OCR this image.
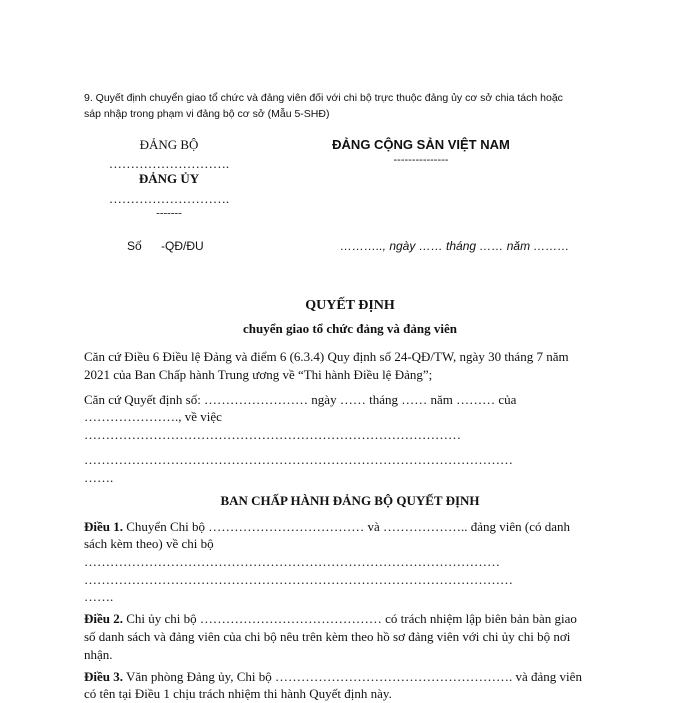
9. Quyết định chuyển giao tổ chức và đảng viên đối với chi bộ trực thuộc đảng ủy cơ sở chia tách hoặc
sáp nhập trong phạm vi đảng bộ cơ sở (Mẫu 5-SHĐ)
ĐẢNG BỘ
……………………….
ĐẢNG ỦY
……………………….
-------
Số -QĐ/ĐU
ĐẢNG CỘNG SẢN VIỆT NAM
---------------
……….., ngày …… tháng …… năm ………
QUYẾT ĐỊNH
chuyển giao tổ chức đảng và đảng viên
Căn cứ Điều 6 Điều lệ Đảng và điểm 6 (6.3.4) Quy định số 24-QĐ/TW, ngày 30 tháng 7 năm
2021 của Ban Chấp hành Trung ương về “Thi hành Điều lệ Đảng”;
Căn cứ Quyết định số: …………………… ngày …… tháng …… năm ……… của
…………………., về việc
……………………………………………………………………………
………………………………………………………………………………………
…….
BAN CHẤP HÀNH ĐẢNG BỘ QUYẾT ĐỊNH
Điều 1. Chuyển Chi bộ ……………………………… và ……………….. đảng viên (có danh
sách kèm theo) về chi bộ
……………………………………………………………………………………
………………………………………………………………………………………
…….
Điều 2. Chi ủy chi bộ …………………………………… có trách nhiệm lập biên bản bàn giao
số danh sách và đảng viên của chi bộ nêu trên kèm theo hồ sơ đảng viên với chi ủy chi bộ nơi
nhận.
Điều 3. Văn phòng Đảng ủy, Chi bộ ………………………………………………. và đảng viên
có tên tại Điều 1 chịu trách nhiệm thi hành Quyết định này.
